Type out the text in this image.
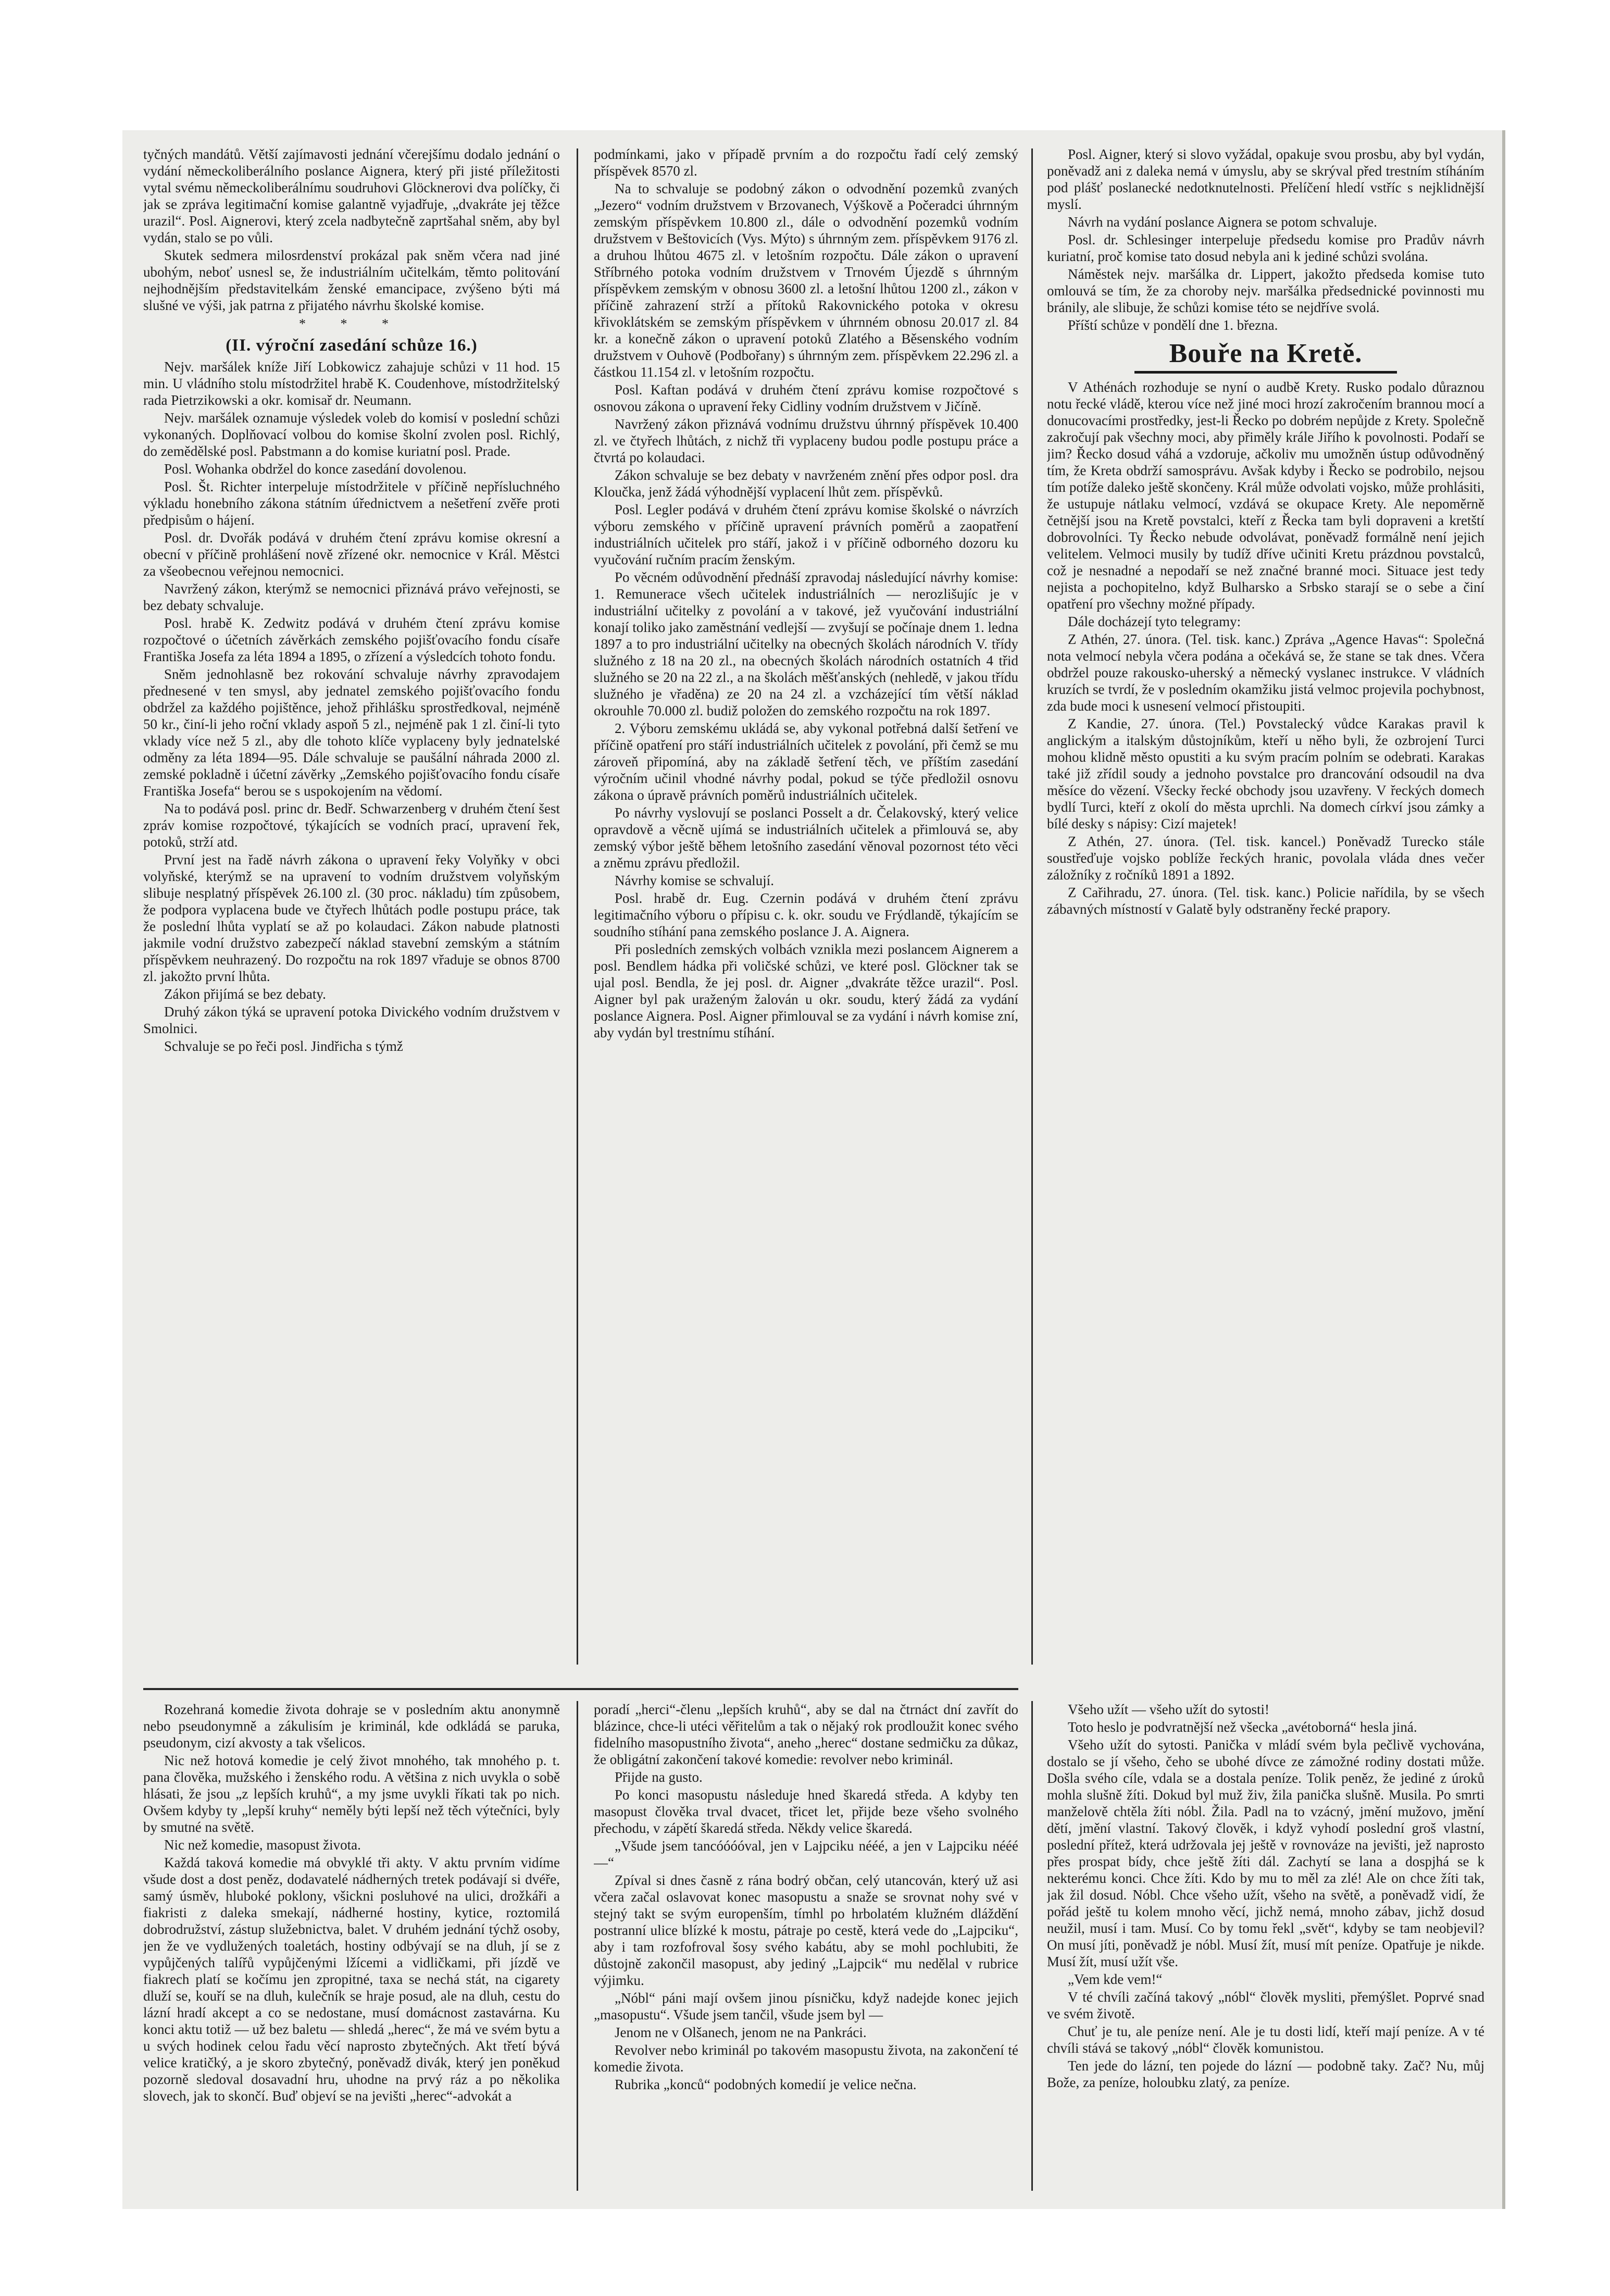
tyčných mandátů. Větší zajímavosti jednání včerejšímu dodalo jednání o vydání německoliberálního poslance Aignera, který při jisté příležitosti vytal svému německoliberálnímu soudruhovi Glöcknerovi dva políčky, či jak se zpráva legitimační komise galantně vyjadřuje, „dvakráte jej těžce urazil“. Posl. Aignerovi, který zcela nadbytečně zaprtšahal sněm, aby byl vydán, stalo se po vůli.

Skutek sedmera milosrdenství prokázal pak sněm včera nad jiné ubohým, neboť usnesl se, že industriálním učitelkám, těmto politování nejhodnějším představitelkám ženské emancipace, zvýšeno býti má slušné ve výši, jak patrna z přijatého návrhu školské komise.

* * *
(II. výroční zasedání schůze 16.)

Nejv. maršálek kníže Jiří Lobkowicz zahajuje schůzi v 11 hod. 15 min. U vládního stolu místodržitel hrabě K. Coudenhove, místodržitelský rada Pietrzikowski a okr. komisař dr. Neumann.

Nejv. maršálek oznamuje výsledek voleb do komisí v poslední schůzi vykonaných. Doplňovací volbou do komise školní zvolen posl. Richlý, do zemědělské posl. Pabstmann a do komise kuriatní posl. Prade.

Posl. Wohanka obdržel do konce zasedání dovolenou.

Posl. Št. Richter interpeluje místodržitele v příčině nepřísluchného výkladu honebního zákona státním úřednictvem a nešetření zvěře proti předpisům o hájení.

Posl. dr. Dvořák podává v druhém čtení zprávu komise okresní a obecní v příčině prohlášení nově zřízené okr. nemocnice v Král. Městci za všeobecnou veřejnou nemocnici.

Navržený zákon, kterýmž se nemocnici přiznává právo veřejnosti, se bez debaty schvaluje.

Posl. hrabě K. Zedwitz podává v druhém čtení zprávu komise rozpočtové o účetních závěrkách zemského pojišťovacího fondu císaře Františka Josefa za léta 1894 a 1895, o zřízení a výsledcích tohoto fondu.

Sněm jednohlasně bez rokování schvaluje návrhy zpravodajem přednesené v ten smysl, aby jednatel zemského pojišťovacího fondu obdržel za každého pojištěnce, jehož přihlášku sprostředkoval, nejméně 50 kr., činí-li jeho roční vklady aspoň 5 zl., nejméně pak 1 zl. činí-li tyto vklady více než 5 zl., aby dle tohoto klíče vyplaceny byly jednatelské odměny za léta 1894—95. Dále schvaluje se paušální náhrada 2000 zl. zemské pokladně i účetní závěrky „Zemského pojišťovacího fondu císaře Františka Josefa“ berou se s uspokojením na vědomí.

Na to podává posl. princ dr. Bedř. Schwarzenberg v druhém čtení šest zpráv komise rozpočtové, týkajících se vodních prací, upravení řek, potoků, strží atd.

První jest na řadě návrh zákona o upravení řeky Volyňky v obci volyňské, kterýmž se na upravení to vodním družstvem volyňským slibuje nesplatný příspěvek 26.100 zl. (30 proc. nákladu) tím způsobem, že podpora vyplacena bude ve čtyřech lhůtách podle postupu práce, tak že poslední lhůta vyplatí se až po kolaudaci. Zákon nabude platnosti jakmile vodní družstvo zabezpečí náklad stavební zemským a státním příspěvkem neuhrazený. Do rozpočtu na rok 1897 vřaduje se obnos 8700 zl. jakožto první lhůta.

Zákon přijímá se bez debaty.

Druhý zákon týká se upravení potoka Divického vodním družstvem v Smolnici.

Schvaluje se po řeči posl. Jindřicha s týmž

podmínkami, jako v případě prvním a do rozpočtu řadí celý zemský příspěvek 8570 zl.

Na to schvaluje se podobný zákon o odvodnění pozemků zvaných „Jezero“ vodním družstvem v Brzovanech, Výškově a Počeradci úhrnným zemským příspěvkem 10.800 zl., dále o odvodnění pozemků vodním družstvem v Beštovicích (Vys. Mýto) s úhrnným zem. příspěvkem 9176 zl. a druhou lhůtou 4675 zl. v letošním rozpočtu. Dále zákon o upravení Stříbrného potoka vodním družstvem v Trnovém Újezdě s úhrnným příspěvkem zemským v obnosu 3600 zl. a letošní lhůtou 1200 zl., zákon v příčině zahrazení strží a přítoků Rakovnického potoka v okresu křivoklátském se zemským příspěvkem v úhrnném obnosu 20.017 zl. 84 kr. a konečně zákon o upravení potoků Zlatého a Běsenského vodním družstvem v Ouhově (Podbořany) s úhrnným zem. příspěvkem 22.296 zl. a částkou 11.154 zl. v letošním rozpočtu.

Posl. Kaftan podává v druhém čtení zprávu komise rozpočtové s osnovou zákona o upravení řeky Cidliny vodním družstvem v Jičíně.

Navržený zákon přiznává vodnímu družstvu úhrnný příspěvek 10.400 zl. ve čtyřech lhůtách, z nichž tři vyplaceny budou podle postupu práce a čtvrtá po kolaudaci.

Zákon schvaluje se bez debaty v navrženém znění přes odpor posl. dra Kloučka, jenž žádá výhodnější vyplacení lhůt zem. příspěvků.

Posl. Legler podává v druhém čtení zprávu komise školské o návrzích výboru zemského v příčině upravení právních poměrů a zaopatření industriálních učitelek pro stáří, jakož i v příčině odborného dozoru ku vyučování ručním pracím ženským.

Po věcném odůvodnění přednáší zpravodaj následující návrhy komise: 1. Remunerace všech učitelek industriálních — nerozlišujíc je v industriální učitelky z povolání a v takové, jež vyučování industriální konají toliko jako zaměstnání vedlejší — zvyšují se počínaje dnem 1. ledna 1897 a to pro industriální učitelky na obecných školách národních V. třídy služného z 18 na 20 zl., na obecných školách národních ostatních 4 třid služného se 20 na 22 zl., a na školách měšťanských (nehledě, v jakou třídu služného je vřaděna) ze 20 na 24 zl. a vzcházející tím větší náklad okrouhle 70.000 zl. budiž položen do zemského rozpočtu na rok 1897.

2. Výboru zemskému ukládá se, aby vykonal potřebná další šetření ve příčině opatření pro stáří industriálních učitelek z povolání, při čemž se mu zároveň připomíná, aby na základě šetření těch, ve příštím zasedání výročním učinil vhodné návrhy podal, pokud se týče předložil osnovu zákona o úpravě právních poměrů industriálních učitelek.

Po návrhy vyslovují se poslanci Posselt a dr. Čelakovský, který velice opravdově a věcně ujímá se industriálních učitelek a přimlouvá se, aby zemský výbor ještě během letošního zasedání věnoval pozornost této věci a zněmu zprávu předložil.

Návrhy komise se schvalují.

Posl. hrabě dr. Eug. Czernin podává v druhém čtení zprávu legitimačního výboru o přípisu c. k. okr. soudu ve Frýdlandě, týkajícím se soudního stíhání pana zemského poslance J. A. Aignera.

Při posledních zemských volbách vznikla mezi poslancem Aignerem a posl. Bendlem hádka při voličské schůzi, ve které posl. Glöckner tak se ujal posl. Bendla, že jej posl. dr. Aigner „dvakráte těžce urazil“. Posl. Aigner byl pak uraženým žalován u okr. soudu, který žádá za vydání poslance Aignera. Posl. Aigner přimlouval se za vydání i návrh komise zní, aby vydán byl trestnímu stíhání.

Posl. Aigner, který si slovo vyžádal, opakuje svou prosbu, aby byl vydán, poněvadž ani z daleka nemá v úmyslu, aby se skrýval před trestním stíháním pod plášť poslanecké nedotknutelnosti. Přelíčení hledí vstříc s nejklidnější myslí.

Návrh na vydání poslance Aignera se potom schvaluje.

Posl. dr. Schlesinger interpeluje předsedu komise pro Pradův návrh kuriatní, proč komise tato dosud nebyla ani k jediné schůzi svolána.

Náměstek nejv. maršálka dr. Lippert, jakožto předseda komise tuto omlouvá se tím, že za choroby nejv. maršálka předsednické povinnosti mu bránily, ale slibuje, že schůzi komise této se nejdříve svolá.

Příští schůze v pondělí dne 1. března.

Bouře na Kretě.

V Athénách rozhoduje se nyní o audbě Krety. Rusko podalo důraznou notu řecké vládě, kterou více než jiné moci hrozí zakročením brannou mocí a donucovacími prostředky, jest-li Řecko po dobrém nepůjde z Krety. Společně zakročují pak všechny moci, aby přiměly krále Jiřího k povolnosti. Podaří se jim? Řecko dosud váhá a vzdoruje, ačkoliv mu umožněn ústup odůvodněný tím, že Kreta obdrží samosprávu. Avšak kdyby i Řecko se podrobilo, nejsou tím potíže daleko ještě skončeny. Král může odvolati vojsko, může prohlásiti, že ustupuje nátlaku velmocí, vzdává se okupace Krety. Ale nepoměrně četnější jsou na Kretě povstalci, kteří z Řecka tam byli dopraveni a kretští dobrovolníci. Ty Řecko nebude odvolávat, poněvadž formálně není jejich velitelem. Velmoci musily by tudíž dříve učiniti Kretu prázdnou povstalců, což je nesnadné a nepodaří se než značné branné moci. Situace jest tedy nejista a pochopitelno, když Bulharsko a Srbsko starají se o sebe a činí opatření pro všechny možné případy.

Dále docházejí tyto telegramy:

Z Athén, 27. února. (Tel. tisk. kanc.) Zpráva „Agence Havas“: Společná nota velmocí nebyla včera podána a očekává se, že stane se tak dnes. Včera obdržel pouze rakousko-uherský a německý vyslanec instrukce. V vládních kruzích se tvrdí, že v posledním okamžiku jistá velmoc projevila pochybnost, zda bude moci k usnesení velmocí přistoupiti.

Z Kandie, 27. února. (Tel.) Povstalecký vůdce Karakas pravil k anglickým a italským důstojníkům, kteří u něho byli, že ozbrojení Turci mohou klidně město opustiti a ku svým pracím polním se odebrati. Karakas také již zřídil soudy a jednoho povstalce pro drancování odsoudil na dva měsíce do vězení. Všecky řecké obchody jsou uzavřeny. V řeckých domech bydlí Turci, kteří z okolí do města uprchli. Na domech církví jsou zámky a bílé desky s nápisy: Cizí majetek!

Z Athén, 27. února. (Tel. tisk. kancel.) Poněvadž Turecko stále soustřeďuje vojsko poblíže řeckých hranic, povolala vláda dnes večer záložníky z ročníků 1891 a 1892.

Z Cařihradu, 27. února. (Tel. tisk. kanc.) Policie nařídila, by se všech zábavných místností v Galatě byly odstraněny řecké prapory.

Rozehraná komedie života dohraje se v posledním aktu anonymně nebo pseudonymně a zákulisím je kriminál, kde odkládá se paruka, pseudonym, cizí akvosty a tak všelicos.

Nic než hotová komedie je celý život mnohého, tak mnohého p. t. pana člověka, mužského i ženského rodu. A většina z nich uvykla o sobě hlásati, že jsou „z lepších kruhů“, a my jsme uvykli říkati tak po nich. Ovšem kdyby ty „lepší kruhy“ neměly býti lepší než těch výtečníci, byly by smutné na světě.

Nic než komedie, masopust života.

Každá taková komedie má obvyklé tři akty. V aktu prvním vidíme všude dost a dost peněz, dodavatelé nádherných tretek podávají si dvéře, samý úsměv, hluboké poklony, všickni posluhové na ulici, drožkáři a fiakristi z daleka smekají, nádherné hostiny, kytice, roztomilá dobrodružství, zástup služebnictva, balet. V druhém jednání týchž osoby, jen že ve vydlužených toaletách, hostiny odbývají se na dluh, jí se z vypůjčených talířů vypůjčenými lžícemi a vidličkami, při jízdě ve fiakrech platí se kočímu jen zpropitné, taxa se nechá stát, na cigarety dluží se, kouří se na dluh, kulečník se hraje posud, ale na dluh, cestu do lázní hradí akcept a co se nedostane, musí domácnost zastavárna. Ku konci aktu totiž — už bez baletu — shledá „herec“, že má ve svém bytu a u svých hodinek celou řadu věcí naprosto zbytečných. Akt třetí bývá velice kratičký, a je skoro zbytečný, poněvadž divák, který jen poněkud pozorně sledoval dosavadní hru, uhodne na prvý ráz a po několika slovech, jak to skončí. Buď objeví se na jevišti „herec“-advokát a

poradí „herci“-členu „lepších kruhů“, aby se dal na čtrnáct dní zavřít do blázince, chce-li utéci věřitelům a tak o nějaký rok prodloužit konec svého fidelního masopustního života“, aneho „herec“ dostane sedmičku za důkaz, že obligátní zakončení takové komedie: revolver nebo kriminál.

Přijde na gusto.

Po konci masopustu následuje hned škaredá středa. A kdyby ten masopust člověka trval dvacet, třicet let, přijde beze všeho svolného přechodu, v zápětí škaredá středa. Někdy velice škaredá.

„Všude jsem tancóóóóval, jen v Lajpciku nééé, a jen v Lajpciku nééé —“

Zpíval si dnes časně z rána bodrý občan, celý utancován, který už asi včera začal oslavovat konec masopustu a snaže se srovnat nohy své v stejný takt se svým europenším, tímhl po hrbolatém klužném dláždění postranní ulice blízké k mostu, pátraje po cestě, která vede do „Lajpciku“, aby i tam rozfofroval šosy svého kabátu, aby se mohl pochlubiti, že důstojně zakončil masopust, aby jediný „Lajpcik“ mu nedělal v rubrice výjimku.

„Nóbl“ páni mají ovšem jinou písničku, když nadejde konec jejich „masopustu“. Všude jsem tančil, všude jsem byl —

Jenom ne v Olšanech, jenom ne na Pankráci.

Revolver nebo kriminál po takovém masopustu života, na zakončení té komedie života.

Rubrika „konců“ podobných komedií je velice nečna.

Všeho užít — všeho užít do sytosti!

Toto heslo je podvratnější než všecka „avétoborná“ hesla jiná.

Všeho užít do sytosti. Panička v mládí svém byla pečlivě vychována, dostalo se jí všeho, čeho se ubohé dívce ze zámožné rodiny dostati může. Došla svého cíle, vdala se a dostala peníze. Tolik peněz, že jediné z úroků mohla slušně žíti. Dokud byl muž živ, žila panička slušně. Musila. Po smrti manželově chtěla žíti nóbl. Žila. Padl na to vzácný, jmění mužovo, jmění dětí, jmění vlastní. Takový člověk, i když vyhodí poslední groš vlastní, poslední přítež, která udržovala jej ještě v rovnováze na jevišti, jež naprosto přes prospat bídy, chce ještě žíti dál. Zachytí se lana a dospjhá se k nekterému konci. Chce žíti. Kdo by mu to měl za zlé! Ale on chce žíti tak, jak žil dosud. Nóbl. Chce všeho užít, všeho na světě, a poněvadž vidí, že pořád ještě tu kolem mnoho věcí, jichž nemá, mnoho zábav, jichž dosud neužil, musí i tam. Musí. Co by tomu řekl „svět“, kdyby se tam neobjevil? On musí jíti, poněvadž je nóbl. Musí žít, musí mít peníze. Opatřuje je nikde. Musí žít, musí užít vše.

„Vem kde vem!“

V té chvíli začíná takový „nóbl“ člověk mysliti, přemýšlet. Poprvé snad ve svém životě.

Chuť je tu, ale peníze není. Ale je tu dosti lidí, kteří mají peníze. A v té chvíli stává se takový „nóbl“ člověk komunistou.

Ten jede do lázní, ten pojede do lázní — podobně taky. Zač? Nu, můj Bože, za peníze, holoubku zlatý, za peníze.
